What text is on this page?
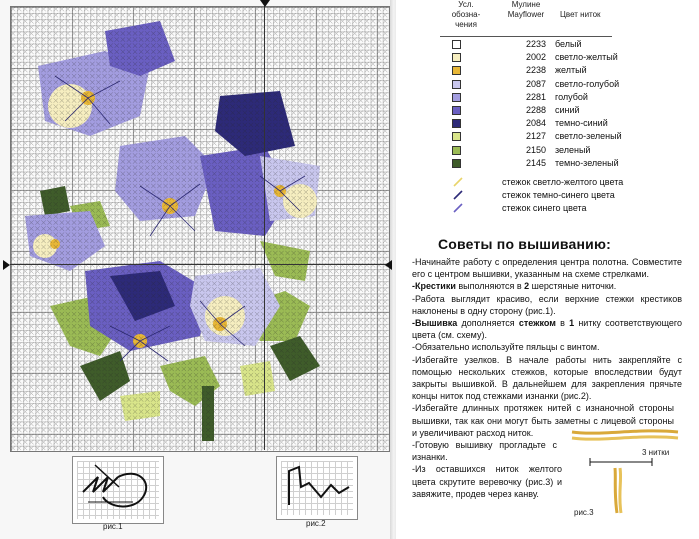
рис.1	рис.2
Усл. обозна- чения
Мулине Mayflower	Цвет ниток
2233 белый
2002 светло-желтый
2238 желтый
2087 светло-голубой
2281 голубой
2288 синий
2084 темно-синий
2127 светло-зеленый
2150 зеленый
2145 темно-зеленый
стежок светло-желтого цвета
стежок темно-синего цвета
стежок синего цвета
Советы по вышиванию:

-Начинайте работу с определения центра полотна. Совместите его с центром вышивки, указанным на схеме стрелками.

-Крестики выполняются в 2 шерстяные ниточки.

-Работа выглядит красиво, если верхние стежки крестиков наклонены в одну сторону (рис.1).

-Вышивка дополняется стежком в 1 нитку соответствующего цвета (см. схему).

-Обязательно используйте пяльцы с винтом.

-Избегайте узелков. В начале работы нить закрепляйте с помощью нескольких стежков, которые впоследствии будут закрыты вышивкой. В дальнейшем для закрепления прячьте концы ниток под стежками изнанки (рис.2).

-Избегайте длинных протяжек нитей с изнаночной стороны вышивки, так как они могут быть заметны с лицевой стороны и увеличивают расход ниток.

-Готовую вышивку прогладьте с изнанки.

-Из оставшихся ниток желтого цвета скрутите веревочку (рис.3) и завяжите, продев через канву.

3 нитки
рис.3
